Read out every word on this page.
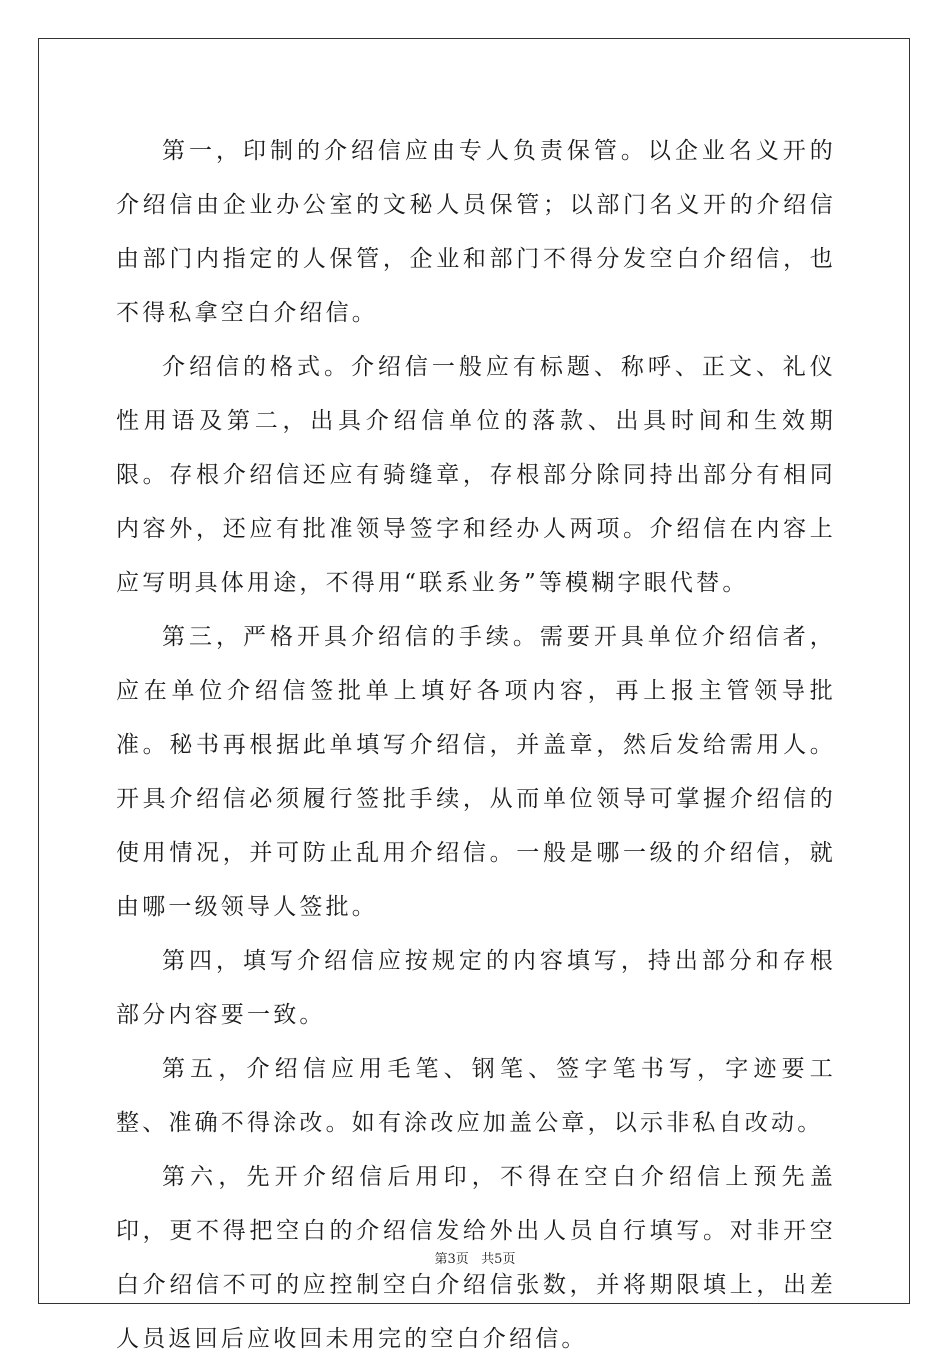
第一，印制的介绍信应由专人负责保管。以企业名义开的介绍信由企业办公室的文秘人员保管；以部门名义开的介绍信由部门内指定的人保管，企业和部门不得分发空白介绍信，也不得私拿空白介绍信。

介绍信的格式。介绍信一般应有标题、称呼、正文、礼仪性用语及第二，出具介绍信单位的落款、出具时间和生效期限。存根介绍信还应有骑缝章，存根部分除同持出部分有相同内容外，还应有批准领导签字和经办人两项。介绍信在内容上应写明具体用途，不得用“联系业务”等模糊字眼代替。

第三，严格开具介绍信的手续。需要开具单位介绍信者，应在单位介绍信签批单上填好各项内容，再上报主管领导批准。秘书再根据此单填写介绍信，并盖章，然后发给需用人。开具介绍信必须履行签批手续，从而单位领导可掌握介绍信的使用情况，并可防止乱用介绍信。一般是哪一级的介绍信，就由哪一级领导人签批。

第四，填写介绍信应按规定的内容填写，持出部分和存根部分内容要一致。

第五，介绍信应用毛笔、钢笔、签字笔书写，字迹要工整、准确不得涂改。如有涂改应加盖公章，以示非私自改动。

第六，先开介绍信后用印，不得在空白介绍信上预先盖印，更不得把空白的介绍信发给外出人员自行填写。对非开空白介绍信不可的应控制空白介绍信张数，并将期限填上，出差人员返回后应收回未用完的空白介绍信。

第3页   共5页
